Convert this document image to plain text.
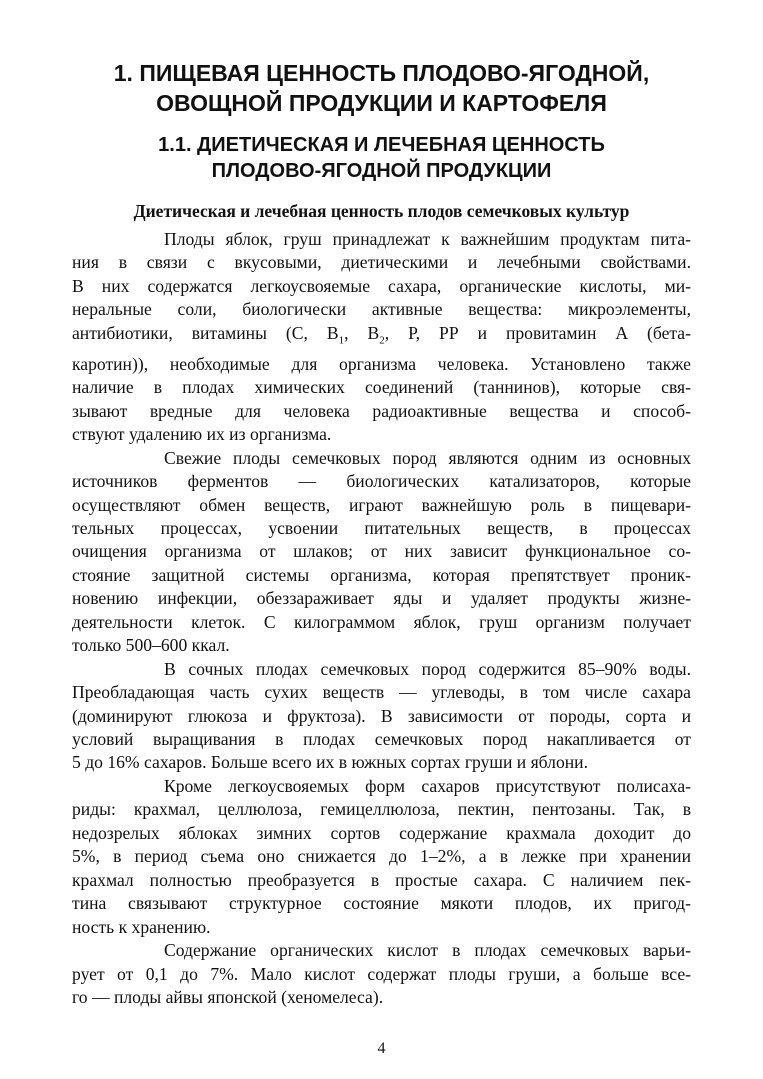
1. ПИЩЕВАЯ ЦЕННОСТЬ ПЛОДОВО-ЯГОДНОЙ,
ОВОЩНОЙ ПРОДУКЦИИ И КАРТОФЕЛЯ
1.1. ДИЕТИЧЕСКАЯ И ЛЕЧЕБНАЯ ЦЕННОСТЬ
ПЛОДОВО-ЯГОДНОЙ ПРОДУКЦИИ
Диетическая и лечебная ценность плодов семечковых культур

Плоды яблок, груш принадлежат к важнейшим продуктам пита-
ния в связи с вкусовыми, диетическими и лечебными свойствами.
В них содержатся легкоусвояемые сахара, органические кислоты, ми-
неральные соли, биологически активные вещества: микроэлементы,
антибиотики, витамины (С, $В_1$, $В_2$, Р, РР и провитамин А (бета-
каротин)), необходимые для организма человека. Установлено также
наличие в плодах химических соединений (таннинов), которые свя-
зывают вредные для человека радиоактивные вещества и способ-
ствуют удалению их из организма.

Свежие плоды семечковых пород являются одним из основных
источников ферментов — биологических катализаторов, которые
осуществляют обмен веществ, играют важнейшую роль в пищевари-
тельных процессах, усвоении питательных веществ, в процессах
очищения организма от шлаков; от них зависит функциональное со-
стояние защитной системы организма, которая препятствует проник-
новению инфекции, обеззараживает яды и удаляет продукты жизне-
деятельности клеток. С килограммом яблок, груш организм получает
только 500–600 ккал.

В сочных плодах семечковых пород содержится 85–90% воды.
Преобладающая часть сухих веществ — углеводы, в том числе сахара
(доминируют глюкоза и фруктоза). В зависимости от породы, сорта и
условий выращивания в плодах семечковых пород накапливается от
5 до 16% сахаров. Больше всего их в южных сортах груши и яблони.

Кроме легкоусвояемых форм сахаров присутствуют полисаха-
риды: крахмал, целлюлоза, гемицеллюлоза, пектин, пентозаны. Так, в
недозрелых яблоках зимних сортов содержание крахмала доходит до
5%, в период съема оно снижается до 1–2%, а в лежке при хранении
крахмал полностью преобразуется в простые сахара. С наличием пек-
тина связывают структурное состояние мякоти плодов, их пригод-
ность к хранению.

Содержание органических кислот в плодах семечковых варьи-
рует от 0,1 до 7%. Мало кислот содержат плоды груши, а больше все-
го — плоды айвы японской (хеномелеса).

4
